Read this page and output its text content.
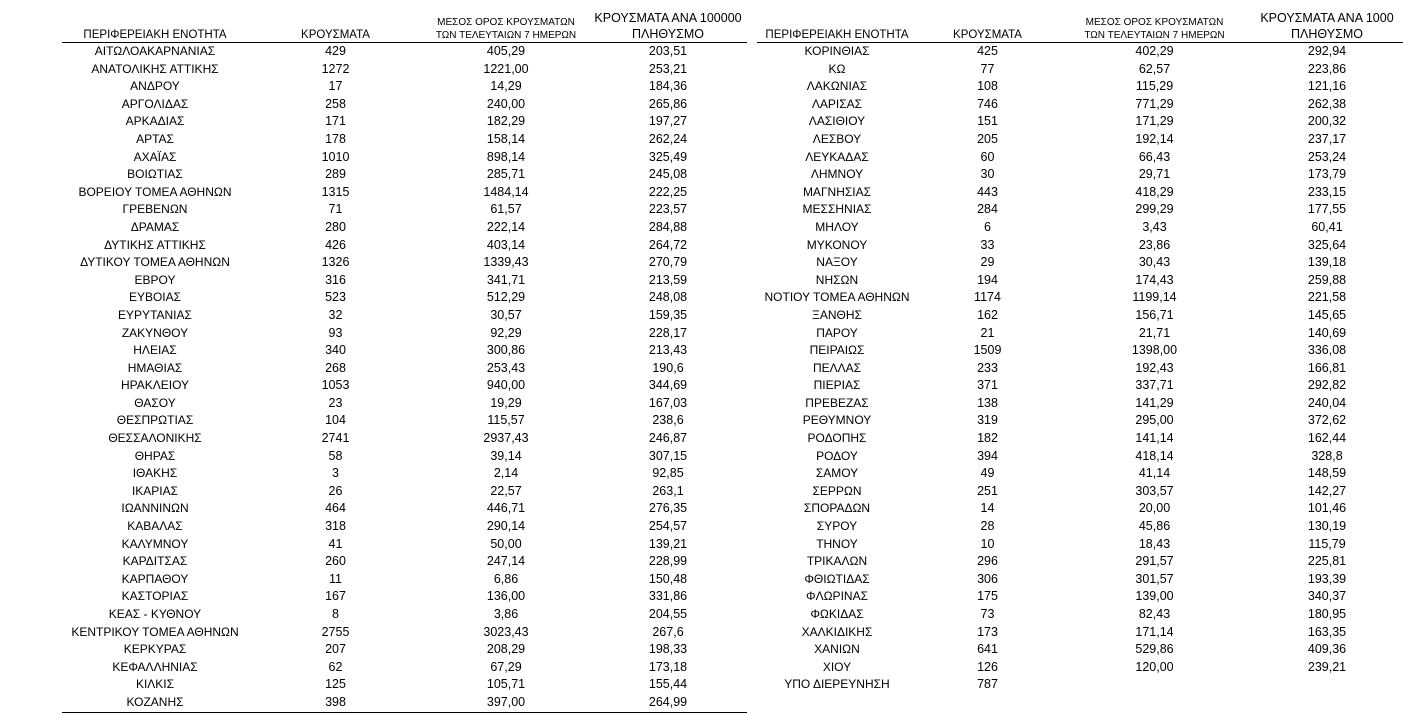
ΠΕΡΙΦΕΡΕΙΑΚΗ ΕΝΟΤΗΤΑ	ΚΡΟΥΣΜΑΤΑ	ΜΕΣΟΣ ΟΡΟΣ ΚΡΟΥΣΜΑΤΩΝ
ΤΩΝ ΤΕΛΕΥΤΑΙΩΝ 7 ΗΜΕΡΩΝ	ΚΡΟΥΣΜΑΤΑ ΑΝΑ 100000
ΠΛΗΘΥΣΜΟ

ΑΙΤΩΛΟΑΚΑΡΝΑΝΙΑΣ	429	405,29	203,51
ΑΝΑΤΟΛΙΚΗΣ ΑΤΤΙΚΗΣ	1272	1221,00	253,21
ΑΝΔΡΟΥ	17	14,29	184,36
ΑΡΓΟΛΙΔΑΣ	258	240,00	265,86
ΑΡΚΑΔΙΑΣ	171	182,29	197,27
ΑΡΤΑΣ	178	158,14	262,24
ΑΧΑΪΑΣ	1010	898,14	325,49
ΒΟΙΩΤΙΑΣ	289	285,71	245,08
ΒΟΡΕΙΟΥ ΤΟΜΕΑ ΑΘΗΝΩΝ	1315	1484,14	222,25
ΓΡΕΒΕΝΩΝ	71	61,57	223,57
ΔΡΑΜΑΣ	280	222,14	284,88
ΔΥΤΙΚΗΣ ΑΤΤΙΚΗΣ	426	403,14	264,72
ΔΥΤΙΚΟΥ ΤΟΜΕΑ ΑΘΗΝΩΝ	1326	1339,43	270,79
ΕΒΡΟΥ	316	341,71	213,59
ΕΥΒΟΙΑΣ	523	512,29	248,08
ΕΥΡΥΤΑΝΙΑΣ	32	30,57	159,35
ΖΑΚΥΝΘΟΥ	93	92,29	228,17
ΗΛΕΙΑΣ	340	300,86	213,43
ΗΜΑΘΙΑΣ	268	253,43	190,6
ΗΡΑΚΛΕΙΟΥ	1053	940,00	344,69
ΘΑΣΟΥ	23	19,29	167,03
ΘΕΣΠΡΩΤΙΑΣ	104	115,57	238,6
ΘΕΣΣΑΛΟΝΙΚΗΣ	2741	2937,43	246,87
ΘΗΡΑΣ	58	39,14	307,15
ΙΘΑΚΗΣ	3	2,14	92,85
ΙΚΑΡΙΑΣ	26	22,57	263,1
ΙΩΑΝΝΙΝΩΝ	464	446,71	276,35
ΚΑΒΑΛΑΣ	318	290,14	254,57
ΚΑΛΥΜΝΟΥ	41	50,00	139,21
ΚΑΡΔΙΤΣΑΣ	260	247,14	228,99
ΚΑΡΠΑΘΟΥ	11	6,86	150,48
ΚΑΣΤΟΡΙΑΣ	167	136,00	331,86
ΚΕΑΣ - ΚΥΘΝΟΥ	8	3,86	204,55
ΚΕΝΤΡΙΚΟΥ ΤΟΜΕΑ ΑΘΗΝΩΝ	2755	3023,43	267,6
ΚΕΡΚΥΡΑΣ	207	208,29	198,33
ΚΕΦΑΛΛΗΝΙΑΣ	62	67,29	173,18
ΚΙΛΚΙΣ	125	105,71	155,44
ΚΟΖΑΝΗΣ	398	397,00	264,99
ΠΕΡΙΦΕΡΕΙΑΚΗ ΕΝΟΤΗΤΑ	ΚΡΟΥΣΜΑΤΑ	ΜΕΣΟΣ ΟΡΟΣ ΚΡΟΥΣΜΑΤΩΝ
ΤΩΝ ΤΕΛΕΥΤΑΙΩΝ 7 ΗΜΕΡΩΝ	ΚΡΟΥΣΜΑΤΑ ΑΝΑ 1000
ΠΛΗΘΥΣΜΟ

ΚΟΡΙΝΘΙΑΣ	425	402,29	292,94
ΚΩ	77	62,57	223,86
ΛΑΚΩΝΙΑΣ	108	115,29	121,16
ΛΑΡΙΣΑΣ	746	771,29	262,38
ΛΑΣΙΘΙΟΥ	151	171,29	200,32
ΛΕΣΒΟΥ	205	192,14	237,17
ΛΕΥΚΑΔΑΣ	60	66,43	253,24
ΛΗΜΝΟΥ	30	29,71	173,79
ΜΑΓΝΗΣΙΑΣ	443	418,29	233,15
ΜΕΣΣΗΝΙΑΣ	284	299,29	177,55
ΜΗΛΟΥ	6	3,43	60,41
ΜΥΚΟΝΟΥ	33	23,86	325,64
ΝΑΞΟΥ	29	30,43	139,18
ΝΗΣΩΝ	194	174,43	259,88
ΝΟΤΙΟΥ ΤΟΜΕΑ ΑΘΗΝΩΝ	1174	1199,14	221,58
ΞΑΝΘΗΣ	162	156,71	145,65
ΠΑΡΟΥ	21	21,71	140,69
ΠΕΙΡΑΙΩΣ	1509	1398,00	336,08
ΠΕΛΛΑΣ	233	192,43	166,81
ΠΙΕΡΙΑΣ	371	337,71	292,82
ΠΡΕΒΕΖΑΣ	138	141,29	240,04
ΡΕΘΥΜΝΟΥ	319	295,00	372,62
ΡΟΔΟΠΗΣ	182	141,14	162,44
ΡΟΔΟΥ	394	418,14	328,8
ΣΑΜΟΥ	49	41,14	148,59
ΣΕΡΡΩΝ	251	303,57	142,27
ΣΠΟΡΑΔΩΝ	14	20,00	101,46
ΣΥΡΟΥ	28	45,86	130,19
ΤΗΝΟΥ	10	18,43	115,79
ΤΡΙΚΑΛΩΝ	296	291,57	225,81
ΦΘΙΩΤΙΔΑΣ	306	301,57	193,39
ΦΛΩΡΙΝΑΣ	175	139,00	340,37
ΦΩΚΙΔΑΣ	73	82,43	180,95
ΧΑΛΚΙΔΙΚΗΣ	173	171,14	163,35
ΧΑΝΙΩΝ	641	529,86	409,36
ΧΙΟΥ	126	120,00	239,21
ΥΠΟ ΔΙΕΡΕΥΝΗΣΗ	787		
